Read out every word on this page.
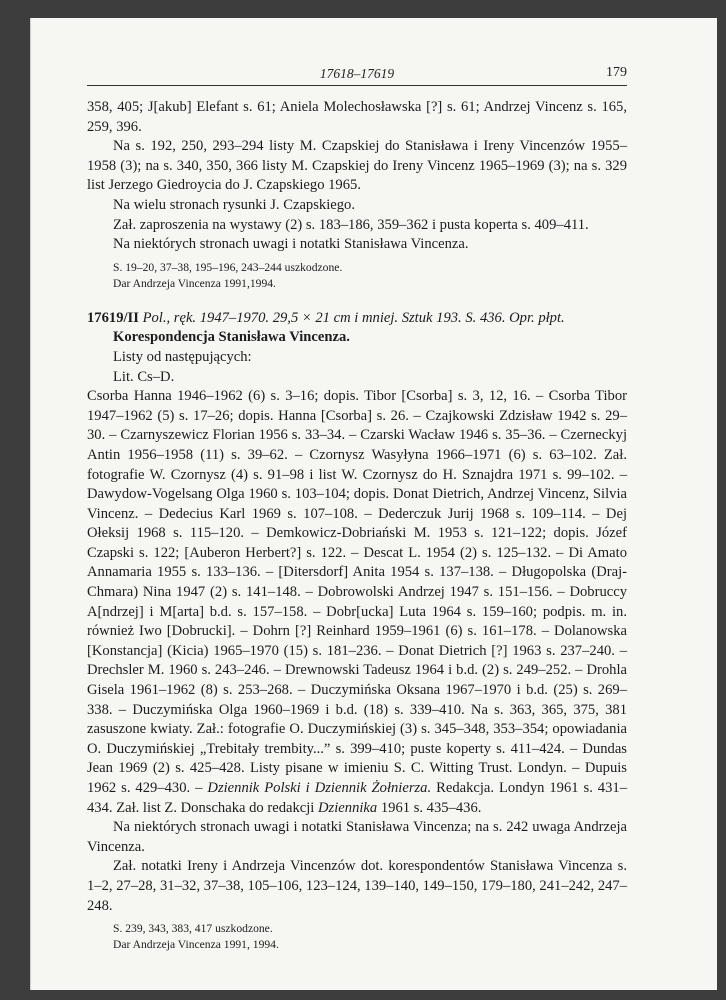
17618–17619	179

358, 405; J[akub] Elefant s. 61; Aniela Molechosławska [?] s. 61; Andrzej Vincenz s. 165, 259, 396.

Na s. 192, 250, 293–294 listy M. Czapskiej do Stanisława i Ireny Vincenzów 1955–1958 (3); na s. 340, 350, 366 listy M. Czapskiej do Ireny Vincenz 1965–1969 (3); na s. 329 list Jerzego Giedroycia do J. Czapskiego 1965.

Na wielu stronach rysunki J. Czapskiego.

Zał. zaproszenia na wystawy (2) s. 183–186, 359–362 i pusta koperta s. 409–411.

Na niektórych stronach uwagi i notatki Stanisława Vincenza.

S. 19–20, 37–38, 195–196, 243–244 uszkodzone.

Dar Andrzeja Vincenza 1991,1994.

17619/II Pol., ręk. 1947–1970. 29,5 × 21 cm i mniej. Sztuk 193. S. 436. Opr. płpt.

Korespondencja Stanisława Vincenza.

Listy od następujących:

Lit. Cs–D.

Csorba Hanna 1946–1962 (6) s. 3–16; dopis. Tibor [Csorba] s. 3, 12, 16. – Csorba Tibor 1947–1962 (5) s. 17–26; dopis. Hanna [Csorba] s. 26. – Czajkowski Zdzisław 1942 s. 29–30. – Czarnyszewicz Florian 1956 s. 33–34. – Czarski Wacław 1946 s. 35–36. – Czerneckyj Antin 1956–1958 (11) s. 39–62. – Czornysz Wasyłyna 1966–1971 (6) s. 63–102. Zał. fotografie W. Czornysz (4) s. 91–98 i list W. Czornysz do H. Sznajdra 1971 s. 99–102. – Dawydow-Vogelsang Olga 1960 s. 103–104; dopis. Donat Dietrich, Andrzej Vincenz, Silvia Vincenz. – Dedecius Karl 1969 s. 107–108. – Dederczuk Jurij 1968 s. 109–114. – Dej Ołeksij 1968 s. 115–120. – Demkowicz-Dobriański M. 1953 s. 121–122; dopis. Józef Czapski s. 122; [Auberon Herbert?] s. 122. – Descat L. 1954 (2) s. 125–132. – Di Amato Annamaria 1955 s. 133–136. – [Ditersdorf] Anita 1954 s. 137–138. – Długopolska (Draj-Chmara) Nina 1947 (2) s. 141–148. – Dobrowolski Andrzej 1947 s. 151–156. – Dobruccy A[ndrzej] i M[arta] b.d. s. 157–158. – Dobr[ucka] Luta 1964 s. 159–160; podpis. m. in. również Iwo [Dobrucki]. – Dohrn [?] Reinhard 1959–1961 (6) s. 161–178. – Dolanowska [Konstancja] (Kicia) 1965–1970 (15) s. 181–236. – Donat Dietrich [?] 1963 s. 237–240. – Drechsler M. 1960 s. 243–246. – Drewnowski Tadeusz 1964 i b.d. (2) s. 249–252. – Drohla Gisela 1961–1962 (8) s. 253–268. – Duczymińska Oksana 1967–1970 i b.d. (25) s. 269–338. – Duczymińska Olga 1960–1969 i b.d. (18) s. 339–410. Na s. 363, 365, 375, 381 zasuszone kwiaty. Zał.: fotografie O. Duczymińskiej (3) s. 345–348, 353–354; opowiadania O. Duczymińskiej „Trebitały trembity...” s. 399–410; puste koperty s. 411–424. – Dundas Jean 1969 (2) s. 425–428. Listy pisane w imieniu S. C. Witting Trust. Londyn. – Dupuis 1962 s. 429–430. – Dziennik Polski i Dziennik Żołnierza. Redakcja. Londyn 1961 s. 431–434. Zał. list Z. Donschaka do redakcji Dziennika 1961 s. 435–436.

Na niektórych stronach uwagi i notatki Stanisława Vincenza; na s. 242 uwaga Andrzeja Vincenza.

Zał. notatki Ireny i Andrzeja Vincenzów dot. korespondentów Stanisława Vincenza s. 1–2, 27–28, 31–32, 37–38, 105–106, 123–124, 139–140, 149–150, 179–180, 241–242, 247–248.

S. 239, 343, 383, 417 uszkodzone.

Dar Andrzeja Vincenza 1991, 1994.
